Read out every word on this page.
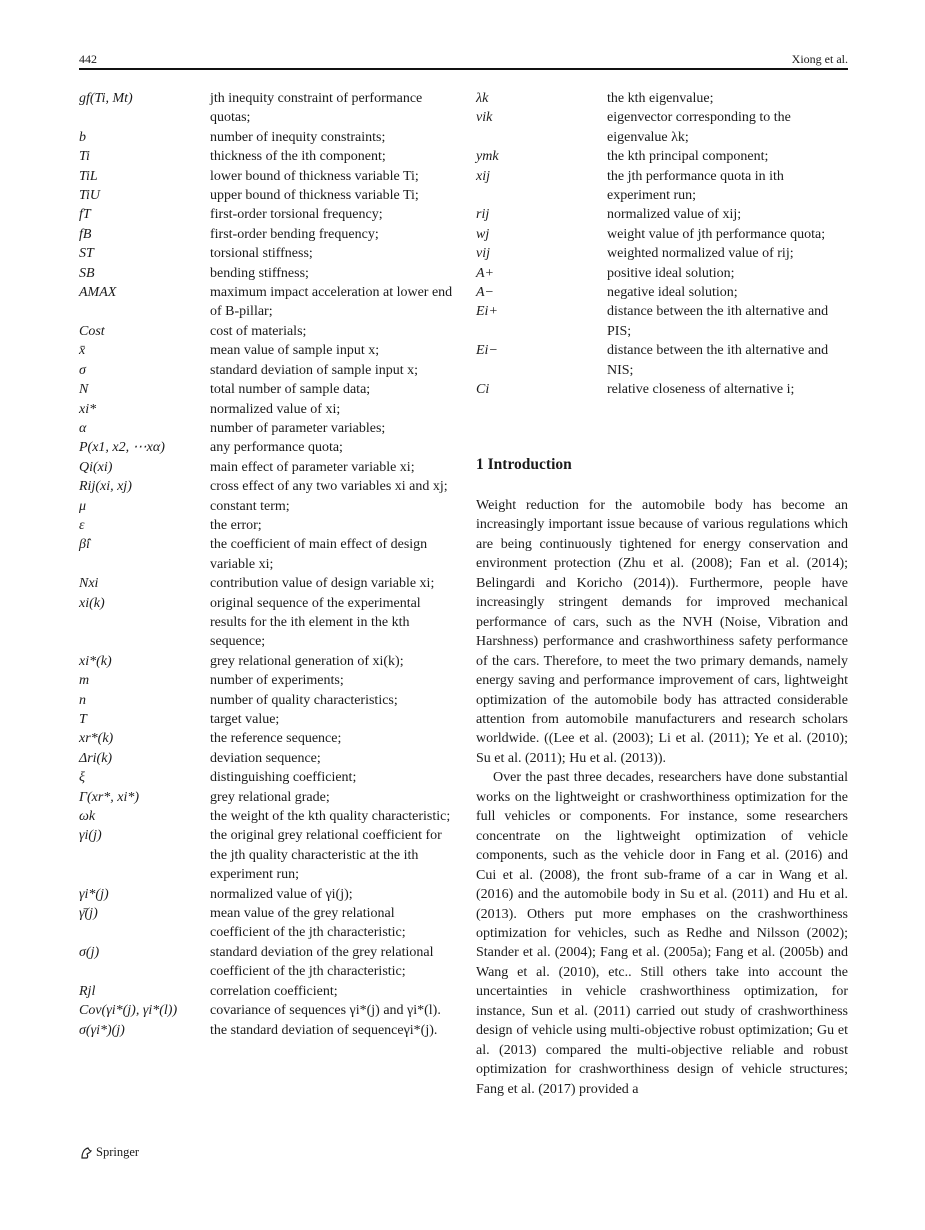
442	Xiong et al.
gf(Ti, Mt)	jth inequity constraint of performance quotas;
b	number of inequity constraints;
Ti	thickness of the ith component;
TiL	lower bound of thickness variable Ti;
TiU	upper bound of thickness variable Ti;
fT	first-order torsional frequency;
fB	first-order bending frequency;
ST	torsional stiffness;
SB	bending stiffness;
AMAX	maximum impact acceleration at lower end of B-pillar;
Cost	cost of materials;
x̄	mean value of sample input x;
σ	standard deviation of sample input x;
N	total number of sample data;
xi*	normalized value of xi;
α	number of parameter variables;
P(x1, x2, ⋯xα)	any performance quota;
Qi(xi)	main effect of parameter variable xi;
Rij(xi, xj)	cross effect of any two variables xi and xj;
μ	constant term;
ε	the error;
β̂i	the coefficient of main effect of design variable xi;
Nxi	contribution value of design variable xi;
xi(k)	original sequence of the experimental results for the ith element in the kth sequence;
xi*(k)	grey relational generation of xi(k);
m	number of experiments;
n	number of quality characteristics;
T	target value;
xr*(k)	the reference sequence;
Δri(k)	deviation sequence;
ξ	distinguishing coefficient;
Γ(xr*, xi*)	grey relational grade;
ωk	the weight of the kth quality characteristic;
γi(j)	the original grey relational coefficient for the jth quality characteristic at the ith experiment run;
γi*(j)	normalized value of γi(j);
γ̄(j)	mean value of the grey relational coefficient of the jth characteristic;
σ(j)	standard deviation of the grey relational coefficient of the jth characteristic;
Rjl	correlation coefficient;
Cov(γi*(j), γi*(l))	covariance of sequences γi*(j) and γi*(l).
σ(γi*)(j)	the standard deviation of sequenceγi*(j).
λk	the kth eigenvalue;
vik	eigenvector corresponding to the eigenvalue λk;
ymk	the kth principal component;
xij	the jth performance quota in ith experiment run;
rij	normalized value of xij;
wj	weight value of jth performance quota;
vij	weighted normalized value of rij;
A+	positive ideal solution;
A−	negative ideal solution;
Ei+	distance between the ith alternative and PIS;
Ei−	distance between the ith alternative and NIS;
Ci	relative closeness of alternative i;
1 Introduction

Weight reduction for the automobile body has become an increasingly important issue because of various regulations which are being continuously tightened for energy conservation and environment protection (Zhu et al. (2008); Fan et al. (2014); Belingardi and Koricho (2014)). Furthermore, people have increasingly stringent demands for improved mechanical performance of cars, such as the NVH (Noise, Vibration and Harshness) performance and crashworthiness safety performance of the cars. Therefore, to meet the two primary demands, namely energy saving and performance improvement of cars, lightweight optimization of the automobile body has attracted considerable attention from automobile manufacturers and research scholars worldwide. ((Lee et al. (2003); Li et al. (2011); Ye et al. (2010); Su et al. (2011); Hu et al. (2013)).

Over the past three decades, researchers have done substantial works on the lightweight or crashworthiness optimization for the full vehicles or components. For instance, some researchers concentrate on the lightweight optimization of vehicle components, such as the vehicle door in Fang et al. (2016) and Cui et al. (2008), the front sub-frame of a car in Wang et al. (2016) and the automobile body in Su et al. (2011) and Hu et al. (2013). Others put more emphases on the crashworthiness optimization for vehicles, such as Redhe and Nilsson (2002); Stander et al. (2004); Fang et al. (2005a); Fang et al. (2005b) and Wang et al. (2010), etc.. Still others take into account the uncertainties in vehicle crashworthiness optimization, for instance, Sun et al. (2011) carried out study of crashworthiness design of vehicle using multi-objective robust optimization; Gu et al. (2013) compared the multi-objective reliable and robust optimization for crashworthiness design of vehicle structures; Fang et al. (2017) provided a

Springer
